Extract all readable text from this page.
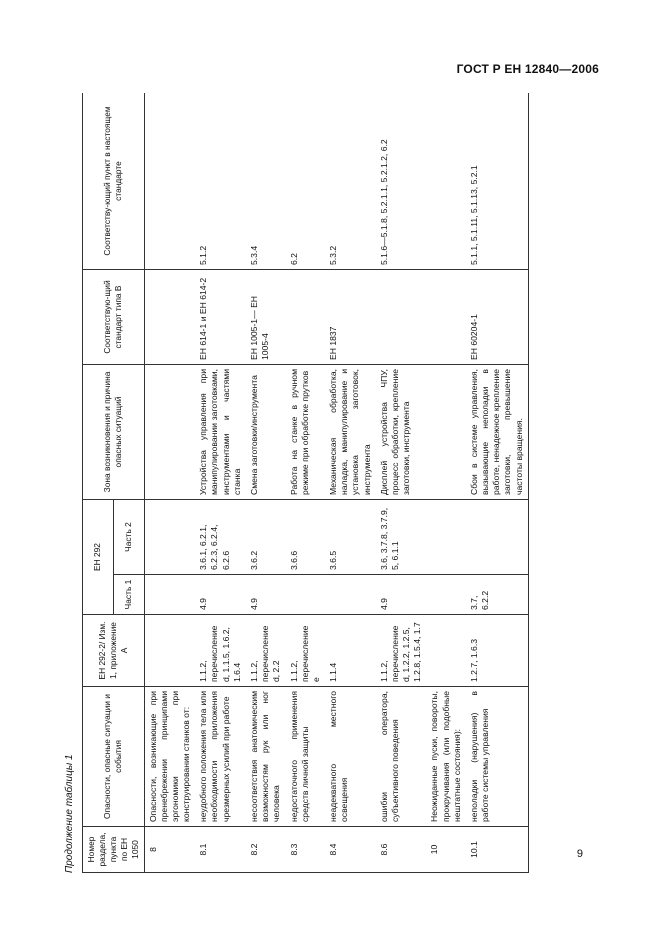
ГОСТ Р ЕН 12840—2006
Продолжение таблицы 1 Номер раздела, пункта по ЕН 1050	Опасности, опасные ситуации и события	ЕН 292-2/ Изм. 1, приложение А	ЕН 292		Зона возникновения и причина опасных ситуаций	Соответствую-щий стандарт типа В	Соответству-ющий пункт в настоящем стандарте
			Часть 1	Часть 2			
8	Опасности, возникающие при пренебрежении принципами эргономики при конструировании станков от:						
8.1	неудобного положения тела или необходимости приложения чрезмерных усилий при работе	1.1.2, перечисление d, 1.1.5, 1.6.2, 1.6.4	4.9	3.6.1, 6.2.1, 6.2.3, 6.2.4, 6.2.6	Устройства управления при манипулировании заготовками, инструментами и частями станка	ЕН 614-1 и ЕН 614-2	5.1.2
8.2	несоответствия анатомическим возможностям рук или ног человека	1.1.2, перечисление d, 2.2	4.9	3.6.2	Смена заготовки/инструмента	ЕН 1005-1— ЕН 1005-4	5.3.4
8.3	недостаточного применения средств личной защиты	1.1.2, перечисление e		3.6.6	Работа на станке в ручном режиме при обработке прутков		6.2
8.4	неадекватного местного освещения	1.1.4		3.6.5	Механическая обработка, наладка, манипулирование и установка заготовок, инструмента	ЕН 1837	5.3.2
8.6	ошибки оператора, субъективного поведения	1.1.2, перечисление d, 1.2.2, 1.2.5, 1.2.8, 1.5.4, 1.7	4.9	3.6, 3.7.8, 3.7.9, 5, 6.1.1	Дисплей устройства ЧПУ, процесс обработки, крепление заготовки, инструмента		5.1.6—5.1.8, 5.2.1.1, 5.2.1.2, 6.2
10	Неожиданные пуски, повороты, прокручивания (или подобные нештатные состояния):						
10.1	неполадки (нарушения) в работе системы управления	1.2.7, 1.6.3	3.7, 6.2.2		Сбои в системе управления, вызывающие неполадки в работе, ненадежное крепление заготовки, превышение частоты вращения.	ЕН 60204-1	5.1.1, 5.1.11, 5.1.13, 5.2.1
9
